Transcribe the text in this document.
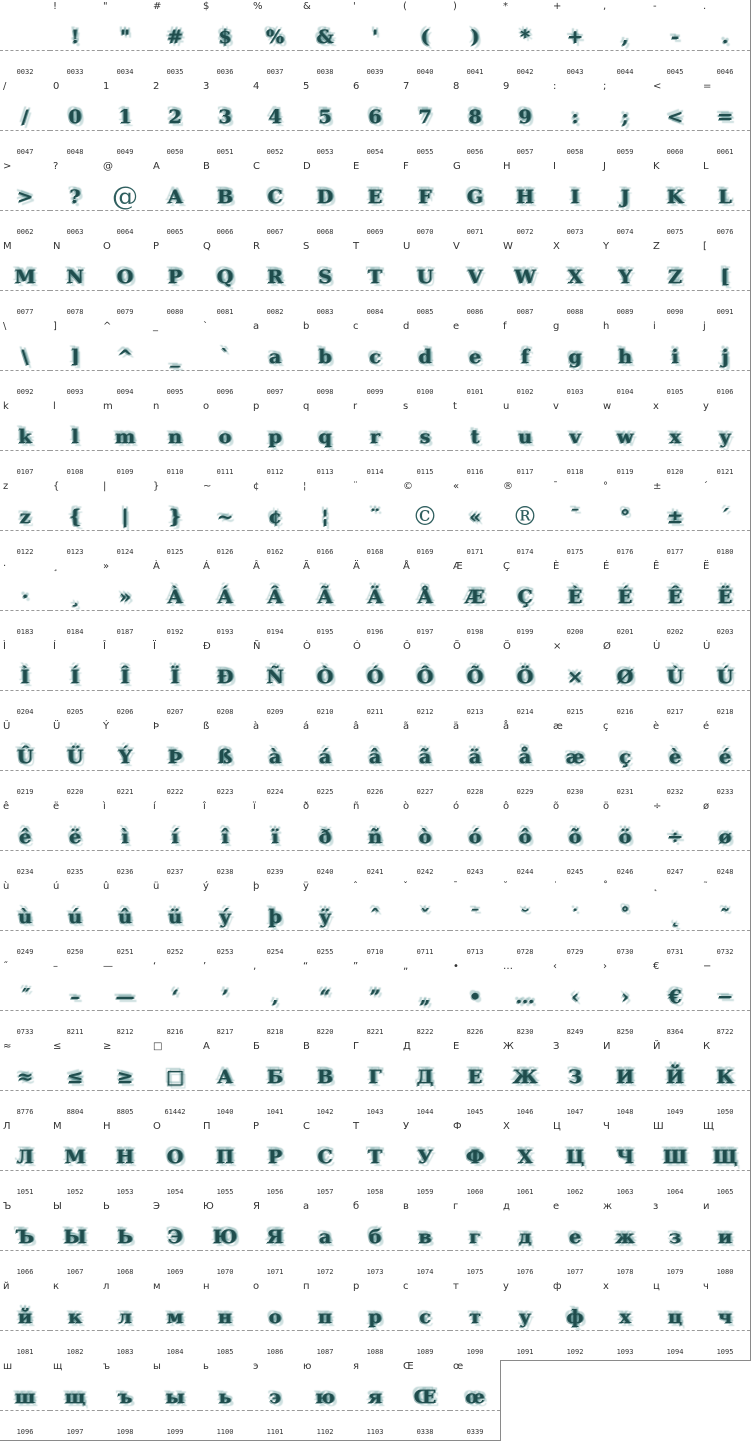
0032
!
!
0033
"
"
0034
#
#
0035
$
$
0036
%
%
0037
&
&
0038
'
'
0039
(
(
0040
)
)
0041
*
*
0042
+
+
0043
,
,
0044
-
-
0045
.
.
0046
/
/
0047
0
0
0048
1
1
0049
2
2
0050
3
3
0051
4
4
0052
5
5
0053
6
6
0054
7
7
0055
8
8
0056
9
9
0057
:
:
0058
;
;
0059
<
<
0060
=
=
0061
>
>
0062
?
?
0063
@
@
0064
A
A
0065
B
B
0066
C
C
0067
D
D
0068
E
E
0069
F
F
0070
G
G
0071
H
H
0072
I
I
0073
J
J
0074
K
K
0075
L
L
0076
M
M
0077
N
N
0078
O
O
0079
P
P
0080
Q
Q
0081
R
R
0082
S
S
0083
T
T
0084
U
U
0085
V
V
0086
W
W
0087
X
X
0088
Y
Y
0089
Z
Z
0090
[
[
0091
\
\
0092
]
]
0093
^
^
0094
_
_
0095
`
`
0096
a
a
0097
b
b
0098
c
c
0099
d
d
0100
e
e
0101
f
f
0102
g
g
0103
h
h
0104
i
i
0105
j
j
0106
k
k
0107
l
l
0108
m
m
0109
n
n
0110
o
o
0111
p
p
0112
q
q
0113
r
r
0114
s
s
0115
t
t
0116
u
u
0117
v
v
0118
w
w
0119
x
x
0120
y
y
0121
z
z
0122
{
{
0123
|
|
0124
}
}
0125
~
~
0126
¢
¢
0162
¦
¦
0166
¨
¨
0168
©
©
0169
«
«
0171
®
®
0174
¯
¯
0175
°
°
0176
±
±
0177
´
´
0180
·
·
0183
¸
¸
0184
»
»
0187
À
À
0192
Á
Á
0193
Â
Â
0194
Ã
Ã
0195
Ä
Ä
0196
Å
Å
0197
Æ
Æ
0198
Ç
Ç
0199
È
È
0200
É
É
0201
Ê
Ê
0202
Ë
Ë
0203
Ì
Ì
0204
Í
Í
0205
Î
Î
0206
Ï
Ï
0207
Ð
Ð
0208
Ñ
Ñ
0209
Ò
Ò
0210
Ó
Ó
0211
Ô
Ô
0212
Õ
Õ
0213
Ö
Ö
0214
×
×
0215
Ø
Ø
0216
Ù
Ù
0217
Ú
Ú
0218
Û
Û
0219
Ü
Ü
0220
Ý
Ý
0221
Þ
Þ
0222
ß
ß
0223
à
à
0224
á
á
0225
â
â
0226
ã
ã
0227
ä
ä
0228
å
å
0229
æ
æ
0230
ç
ç
0231
è
è
0232
é
é
0233
ê
ê
0234
ë
ë
0235
ì
ì
0236
í
í
0237
î
î
0238
ï
ï
0239
ð
ð
0240
ñ
ñ
0241
ò
ò
0242
ó
ó
0243
ô
ô
0244
õ
õ
0245
ö
ö
0246
÷
÷
0247
ø
ø
0248
ù
ù
0249
ú
ú
0250
û
û
0251
ü
ü
0252
ý
ý
0253
þ
þ
0254
ÿ
ÿ
0255
ˆ
ˆ
0710
ˇ
ˇ
0711
ˉ
ˉ
0713
˘
˘
0728
˙
˙
0729
˚
˚
0730
˛
˛
0731
˜
˜
0732
˝
˝
0733
–
–
8211
—
—
8212
‘
‘
8216
’
’
8217
‚
‚
8218
“
“
8220
”
”
8221
„
„
8222
•
•
8226
…
…
8230
‹
‹
8249
›
›
8250
€
€
8364
−
−
8722
≈
≈
8776
≤
≤
8804
≥
≥
8805
□
□
61442
А
А
1040
Б
Б
1041
В
В
1042
Г
Г
1043
Д
Д
1044
Е
Е
1045
Ж
Ж
1046
З
З
1047
И
И
1048
Й
Й
1049
К
К
1050
Л
Л
1051
М
М
1052
Н
Н
1053
О
О
1054
П
П
1055
Р
Р
1056
С
С
1057
Т
Т
1058
У
У
1059
Ф
Ф
1060
Х
Х
1061
Ц
Ц
1062
Ч
Ч
1063
Ш
Ш
1064
Щ
Щ
1065
Ъ
Ъ
1066
Ы
Ы
1067
Ь
Ь
1068
Э
Э
1069
Ю
Ю
1070
Я
Я
1071
а
а
1072
б
б
1073
в
в
1074
г
г
1075
д
д
1076
е
е
1077
ж
ж
1078
з
з
1079
и
и
1080
й
й
1081
к
к
1082
л
л
1083
м
м
1084
н
н
1085
о
о
1086
п
п
1087
р
р
1088
с
с
1089
т
т
1090
у
у
1091
ф
ф
1092
х
х
1093
ц
ц
1094
ч
ч
1095
ш
ш
1096
щ
щ
1097
ъ
ъ
1098
ы
ы
1099
ь
ь
1100
э
э
1101
ю
ю
1102
я
я
1103
Œ
Œ
0338
œ
œ
0339
